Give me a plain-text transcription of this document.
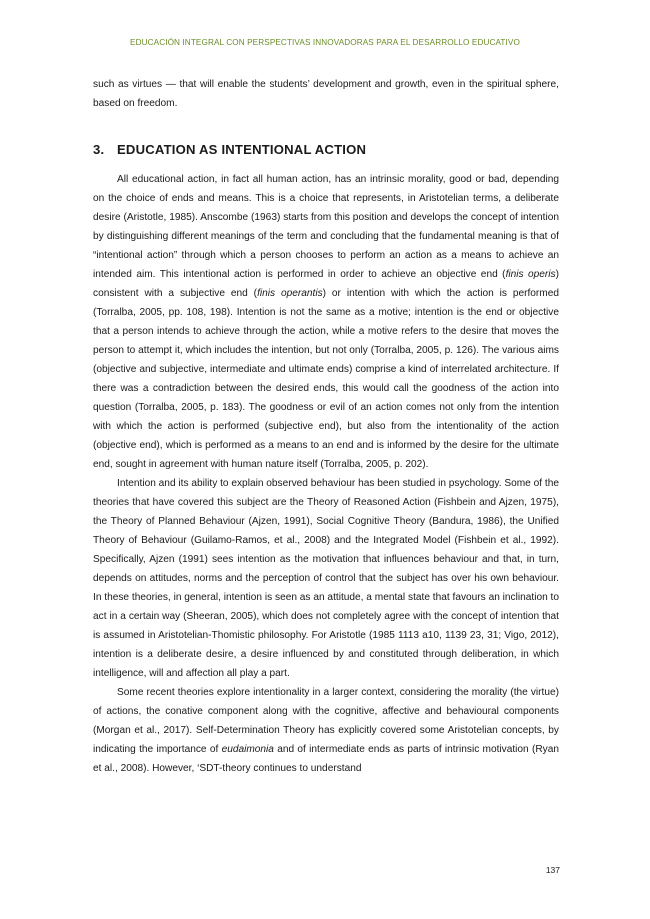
EDUCACIÓN INTEGRAL CON PERSPECTIVAS INNOVADORAS PARA EL DESARROLLO EDUCATIVO

such as virtues — that will enable the students’ development and growth, even in the spiritual sphere, based on freedom.

3. EDUCATION AS INTENTIONAL ACTION

All educational action, in fact all human action, has an intrinsic morality, good or bad, depending on the choice of ends and means. This is a choice that represents, in Aristotelian terms, a deliberate desire (Aristotle, 1985). Anscombe (1963) starts from this position and develops the concept of intention by distinguishing different meanings of the term and concluding that the fundamental meaning is that of “intentional action” through which a person chooses to perform an action as a means to achieve an intended aim. This intentional action is performed in order to achieve an objective end (finis operis) consistent with a subjective end (finis operantis) or intention with which the action is performed (Torralba, 2005, pp. 108, 198). Intention is not the same as a motive; intention is the end or objective that a person intends to achieve through the action, while a motive refers to the desire that moves the person to attempt it, which includes the intention, but not only (Torralba, 2005, p. 126). The various aims (objective and subjective, intermediate and ultimate ends) comprise a kind of interrelated architecture. If there was a contradiction between the desired ends, this would call the goodness of the action into question (Torralba, 2005, p. 183). The goodness or evil of an action comes not only from the intention with which the action is performed (subjective end), but also from the intentionality of the action (objective end), which is performed as a means to an end and is informed by the desire for the ultimate end, sought in agreement with human nature itself (Torralba, 2005, p. 202).

Intention and its ability to explain observed behaviour has been studied in psychology. Some of the theories that have covered this subject are the Theory of Reasoned Action (Fishbein and Ajzen, 1975), the Theory of Planned Behaviour (Ajzen, 1991), Social Cognitive Theory (Bandura, 1986), the Unified Theory of Behaviour (Guilamo-Ramos, et al., 2008) and the Integrated Model (Fishbein et al., 1992). Specifically, Ajzen (1991) sees intention as the motivation that influences behaviour and that, in turn, depends on attitudes, norms and the perception of control that the subject has over his own behaviour. In these theories, in general, intention is seen as an attitude, a mental state that favours an inclination to act in a certain way (Sheeran, 2005), which does not completely agree with the concept of intention that is assumed in Aristotelian-Thomistic philosophy. For Aristotle (1985 1113 a10, 1139 23, 31; Vigo, 2012), intention is a deliberate desire, a desire influenced by and constituted through deliberation, in which intelligence, will and affection all play a part.

Some recent theories explore intentionality in a larger context, considering the morality (the virtue) of actions, the conative component along with the cognitive, affective and behavioural components (Morgan et al., 2017). Self-Determination Theory has explicitly covered some Aristotelian concepts, by indicating the importance of eudaimonia and of intermediate ends as parts of intrinsic motivation (Ryan et al., 2008). However, ‘SDT-theory continues to understand

137
